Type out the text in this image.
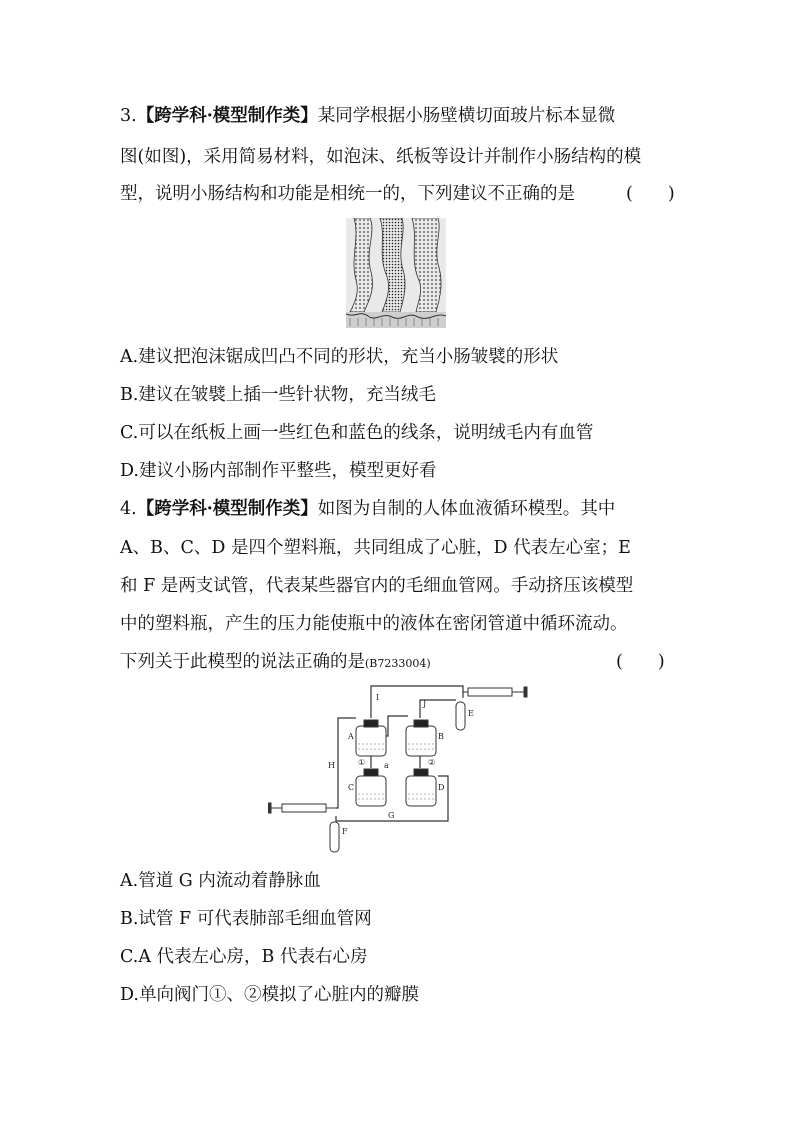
3.【跨学科·模型制作类】某同学根据小肠壁横切面玻片标本显微
图(如图)，采用简易材料，如泡沫、纸板等设计并制作小肠结构的模
型，说明小肠结构和功能是相统一的，下列建议不正确的是	(　　)
A.建议把泡沫锯成凹凸不同的形状，充当小肠皱襞的形状
B.建议在皱襞上插一些针状物，充当绒毛
C.可以在纸板上画一些红色和蓝色的线条，说明绒毛内有血管
D.建议小肠内部制作平整些，模型更好看
4.【跨学科·模型制作类】如图为自制的人体血液循环模型。其中
A、B、C、D 是四个塑料瓶，共同组成了心脏，D 代表左心室；E
和 F 是两支试管，代表某些器官内的毛细血管网。手动挤压该模型
中的塑料瓶，产生的压力能使瓶中的液体在密闭管道中循环流动。
下列关于此模型的说法正确的是(B7233004)	(　　)
A	B
C	D
E
F
G
H
I
J
a
①	②
A.管道 G 内流动着静脉血
B.试管 F 可代表肺部毛细血管网
C.A 代表左心房，B 代表右心房
D.单向阀门①、②模拟了心脏内的瓣膜
